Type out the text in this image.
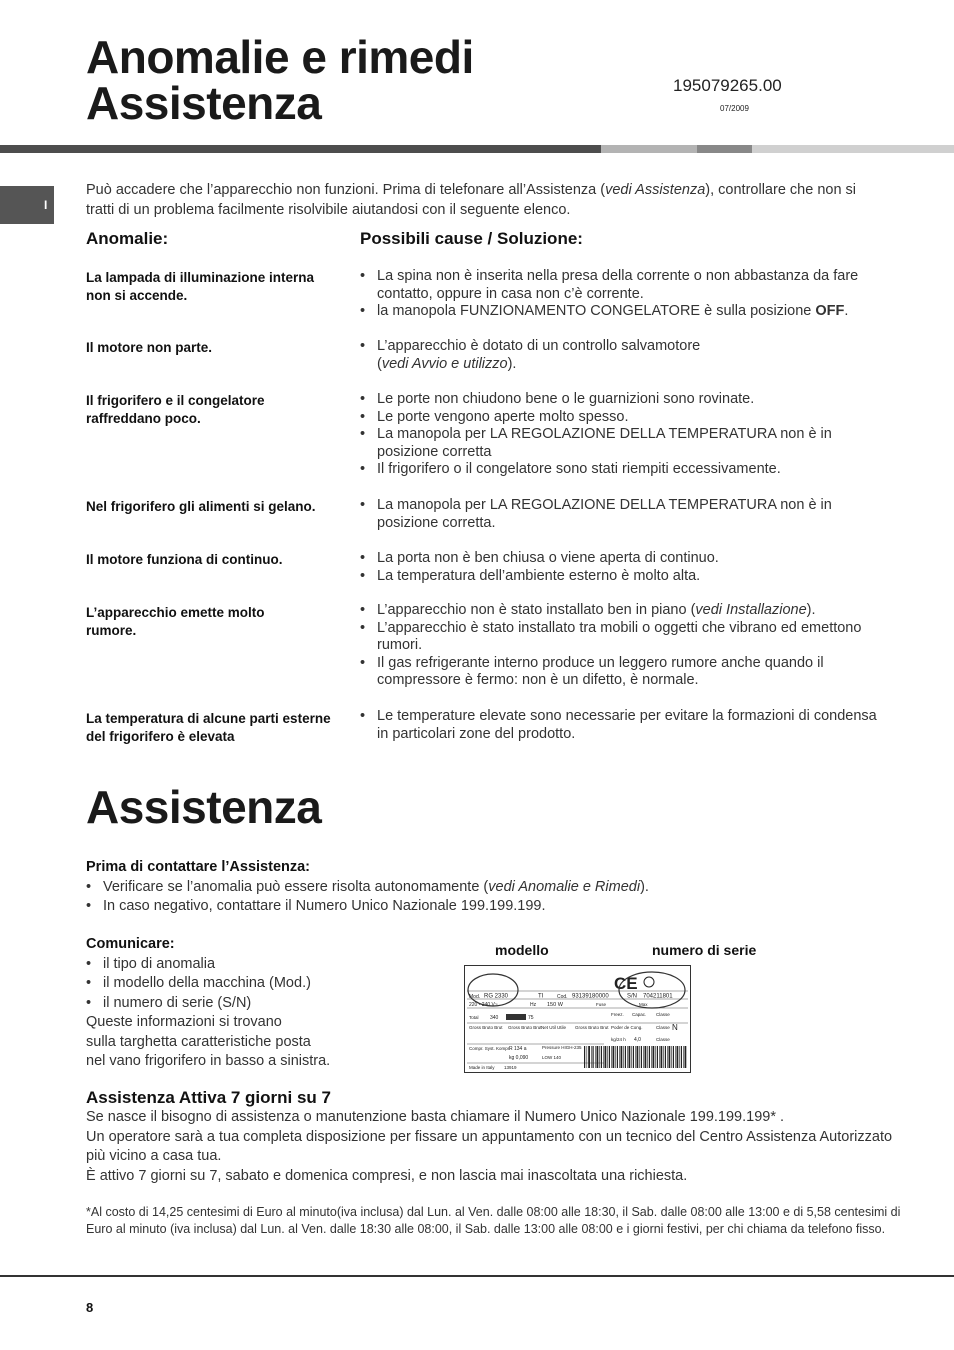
Anomalie e rimedi
Assistenza	195079265.00
07/2009
I
Può accadere che l’apparecchio non funzioni. Prima di telefonare all’Assistenza (vedi Assistenza), controllare che non si tratti di un problema facilmente risolvibile aiutandosi con il seguente elenco.
Anomalie:	Possibili cause / Soluzione:
La lampada di illuminazione interna non si accende.
• La spina non è inserita nella presa della corrente o non abbastanza da fare contatto, oppure in casa non c’è corrente.
• la manopola FUNZIONAMENTO CONGELATORE è sulla posizione OFF.
Il motore non parte.	• L’apparecchio è dotato di un controllo salvamotore
(vedi Avvio e utilizzo).
Il frigorifero e il congelatore raffreddano poco.
• Le porte non chiudono bene o le guarnizioni sono rovinate.
• Le porte vengono aperte molto spesso.
• La manopola per LA REGOLAZIONE DELLA TEMPERATURA non è in posizione corretta
• Il frigorifero o il congelatore sono stati riempiti eccessivamente.
Nel frigorifero gli alimenti si gelano.	• La manopola per LA REGOLAZIONE DELLA TEMPERATURA non è in posizione corretta.
Il motore funziona di continuo.	• La porta non è ben chiusa o viene aperta di continuo.
• La temperatura dell’ambiente esterno è molto alta.
L’apparecchio emette molto rumore.
• L’apparecchio non è stato installato ben in piano (vedi Installazione).
• L’apparecchio è stato installato tra mobili o oggetti che vibrano ed emettono rumori.
• Il gas refrigerante interno produce un leggero rumore anche quando il compressore è fermo: non è un difetto, è normale.
La temperatura di alcune parti esterne del frigorifero è elevata
• Le temperature elevate sono necessarie per evitare la formazioni di condensa in particolari zone del prodotto.
Assistenza
Prima di contattare l’Assistenza:
• Verificare se l’anomalia può essere risolta autonomamente (vedi Anomalie e Rimedi).
• In caso negativo, contattare il Numero Unico Nazionale 199.199.199.
Comunicare:
• il tipo di anomalia
• il modello della macchina (Mod.)
• il numero di serie (S/N)
Queste informazioni si trovano
sulla targhetta caratteristiche posta
nel vano frigorifero in basso a sinistra.
modello	numero di serie
CE
Mod. RG 2330	TI	Cod. 93139180000	S/N 704211801
220 - 240 V~	Hz 150 W	Fuse	Max
Freez. Capac. Classe
Total 340	75
Poder de Cong.	Classe N
Gross Bruto Brut Gross Bruto Brut Net Util Utile Gross Bruto Brut
kg/24 h 4,0	Classe
Compr. Syst. Kompr.
R 134 a
kg 0,090
Pressure HIGH-235
LOW 140
Made in Italy 13919
Assistenza Attiva 7 giorni su 7
Se nasce il bisogno di assistenza o manutenzione basta chiamare il Numero Unico Nazionale 199.199.199* .
Un operatore sarà a tua completa disposizione per fissare un appuntamento con un tecnico del Centro Assistenza Autorizzato più vicino a casa tua.
È attivo 7 giorni su 7, sabato e domenica compresi, e non lascia mai inascoltata una richiesta.
*Al costo di 14,25 centesimi di Euro al minuto(iva inclusa) dal Lun. al Ven. dalle 08:00 alle 18:30, il Sab. dalle 08:00 alle 13:00 e di 5,58 centesimi di Euro al minuto (iva inclusa) dal Lun. al Ven. dalle 18:30 alle 08:00, il Sab. dalle 13:00 alle 08:00 e i giorni festivi, per chi chiama da telefono fisso.
8
